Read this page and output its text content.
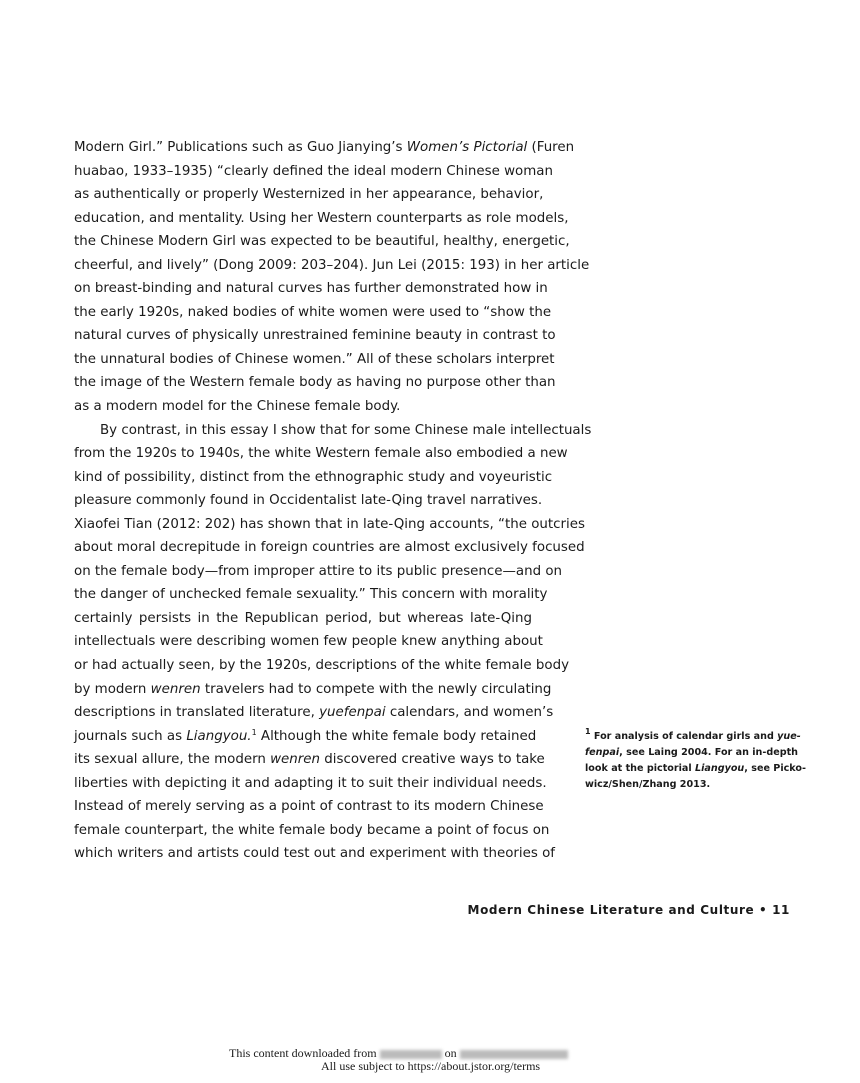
Modern Girl.” Publications such as Guo Jianying’s Women’s Pictorial (Furen
huabao, 1933–1935) “clearly defined the ideal modern Chinese woman
as authentically or properly Westernized in her appearance, behavior,
education, and mentality. Using her Western counterparts as role models,
the Chinese Modern Girl was expected to be beautiful, healthy, energetic,
cheerful, and lively” (Dong 2009: 203–204). Jun Lei (2015: 193) in her article
on breast-binding and natural curves has further demonstrated how in
the early 1920s, naked bodies of white women were used to “show the
natural curves of physically unrestrained feminine beauty in contrast to
the unnatural bodies of Chinese women.” All of these scholars interpret
the image of the Western female body as having no purpose other than
as a modern model for the Chinese female body.
By contrast, in this essay I show that for some Chinese male intellectuals
from the 1920s to 1940s, the white Western female also embodied a new
kind of possibility, distinct from the ethnographic study and voyeuristic
pleasure commonly found in Occidentalist late-Qing travel narratives.
Xiaofei Tian (2012: 202) has shown that in late-Qing accounts, “the outcries
about moral decrepitude in foreign countries are almost exclusively focused
on the female body—from improper attire to its public presence—and on
the danger of unchecked female sexuality.” This concern with morality
certainly persists in the Republican period, but whereas late-Qing
intellectuals were describing women few people knew anything about
or had actually seen, by the 1920s, descriptions of the white female body
by modern wenren travelers had to compete with the newly circulating
descriptions in translated literature, yuefenpai calendars, and women’s
journals such as Liangyou.$^1$ Although the white female body retained
its sexual allure, the modern wenren discovered creative ways to take
liberties with depicting it and adapting it to suit their individual needs.
Instead of merely serving as a point of contrast to its modern Chinese
female counterpart, the white female body became a point of focus on
which writers and artists could test out and experiment with theories of
$^1$ For analysis of calendar girls and yue-
fenpai, see Laing 2004. For an in-depth
look at the pictorial Liangyou, see Picko-
wicz/Shen/Zhang 2013.
Modern Chinese Literature and Culture • 11
This content downloaded from	on
All use subject to https://about.jstor.org/terms
